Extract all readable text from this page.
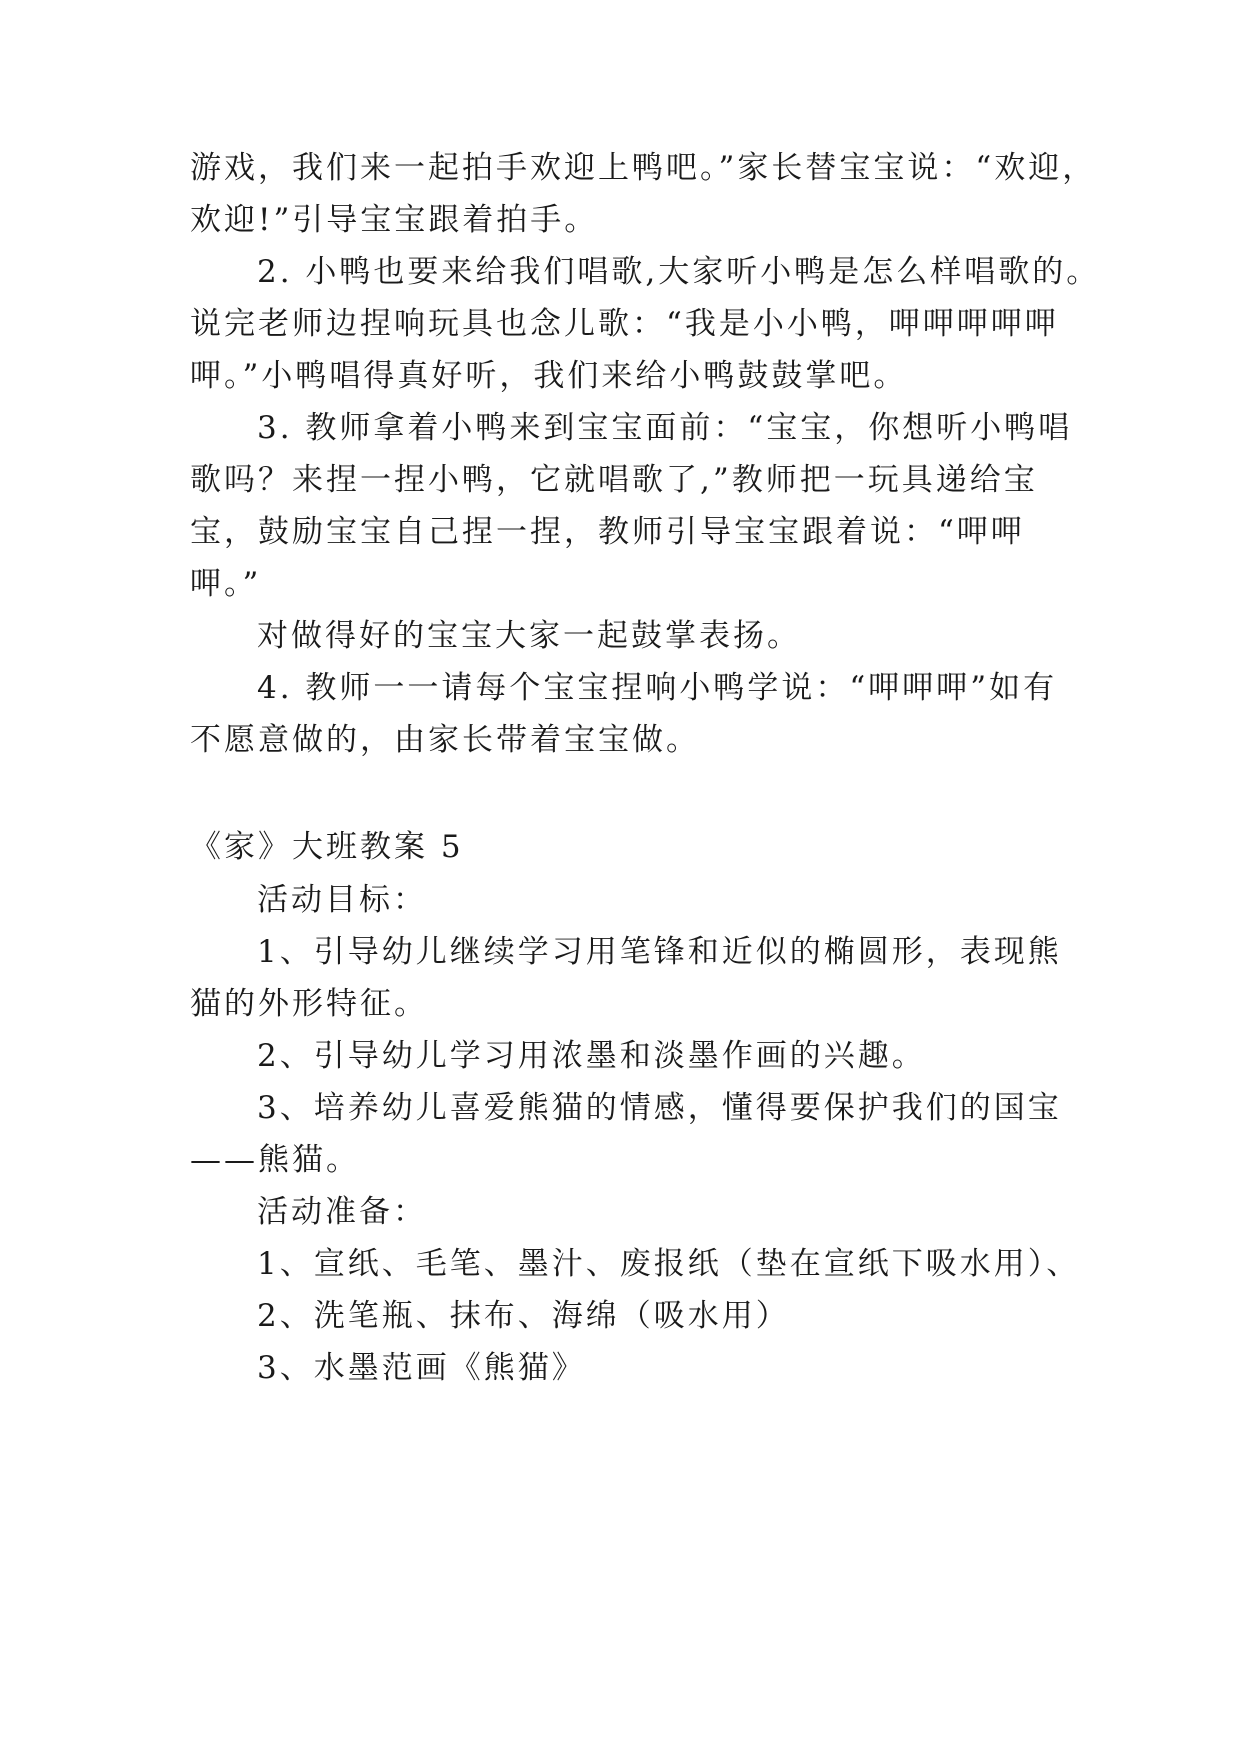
游戏，我们来一起拍手欢迎上鸭吧。”家长替宝宝说：“欢迎，
欢迎!”引导宝宝跟着拍手。
2. 小鸭也要来给我们唱歌,大家听小鸭是怎么样唱歌的。
说完老师边捏响玩具也念儿歌：“我是小小鸭，呷呷呷呷呷
呷。”小鸭唱得真好听，我们来给小鸭鼓鼓掌吧。
3. 教师拿着小鸭来到宝宝面前：“宝宝，你想听小鸭唱
歌吗？来捏一捏小鸭，它就唱歌了,”教师把一玩具递给宝
宝，鼓励宝宝自己捏一捏，教师引导宝宝跟着说：“呷呷
呷。”
对做得好的宝宝大家一起鼓掌表扬。
4. 教师一一请每个宝宝捏响小鸭学说：“呷呷呷”如有
不愿意做的，由家长带着宝宝做。
《家》大班教案 5
活动目标：
1、引导幼儿继续学习用笔锋和近似的椭圆形，表现熊
猫的外形特征。
2、引导幼儿学习用浓墨和淡墨作画的兴趣。
3、培养幼儿喜爱熊猫的情感，懂得要保护我们的国宝
——熊猫。
活动准备：
1、宣纸、毛笔、墨汁、废报纸（垫在宣纸下吸水用）、
2、洗笔瓶、抹布、海绵（吸水用）
3、水墨范画《熊猫》
